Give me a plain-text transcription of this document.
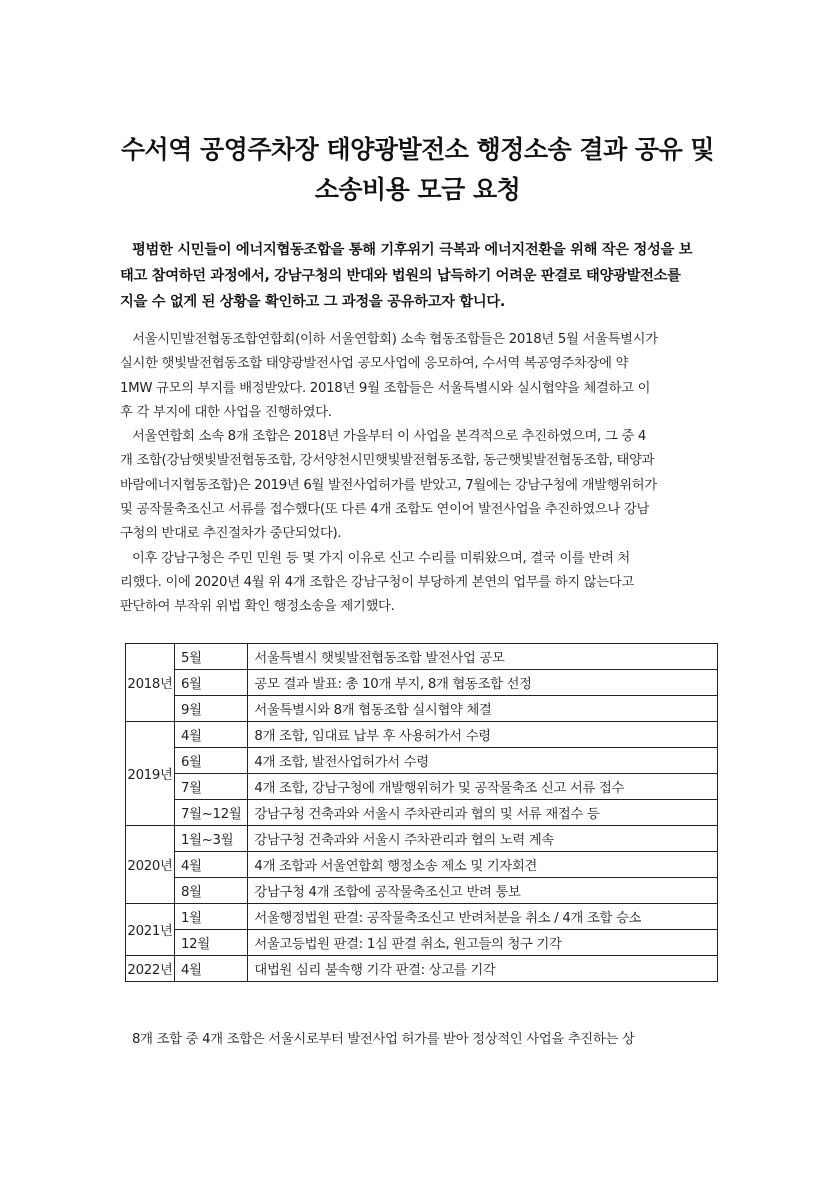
수서역 공영주차장 태양광발전소 행정소송 결과 공유 및
소송비용 모금 요청
평범한 시민들이 에너지협동조합을 통해 기후위기 극복과 에너지전환을 위해 작은 정성을 보
태고 참여하던 과정에서, 강남구청의 반대와 법원의 납득하기 어려운 판결로 태양광발전소를
지을 수 없게 된 상황을 확인하고 그 과정을 공유하고자 합니다.
서울시민발전협동조합연합회(이하 서울연합회) 소속 협동조합들은 2018년 5월 서울특별시가
실시한 햇빛발전협동조합 태양광발전사업 공모사업에 응모하여, 수서역 복공영주차장에 약
1MW 규모의 부지를 배정받았다. 2018년 9월 조합들은 서울특별시와 실시협약을 체결하고 이
후 각 부지에 대한 사업을 진행하였다.
서울연합회 소속 8개 조합은 2018년 가을부터 이 사업을 본격적으로 추진하였으며, 그 중 4
개 조합(강남햇빛발전협동조합, 강서양천시민햇빛발전협동조합, 동근햇빛발전협동조합, 태양과
바람에너지협동조합)은 2019년 6월 발전사업허가를 받았고, 7월에는 강남구청에 개발행위허가
및 공작물축조신고 서류를 접수했다(또 다른 4개 조합도 연이어 발전사업을 추진하였으나 강남
구청의 반대로 추진절차가 중단되었다).
이후 강남구청은 주민 민원 등 몇 가지 이유로 신고 수리를 미뤄왔으며, 결국 이를 반려 처
리했다. 이에 2020년 4월 위 4개 조합은 강남구청이 부당하게 본연의 업무를 하지 않는다고
판단하여 부작위 위법 확인 행정소송을 제기했다.
2018년	5월	서울특별시 햇빛발전협동조합 발전사업 공모
	6월	공모 결과 발표: 총 10개 부지, 8개 협동조합 선정
	9월	서울특별시와 8개 협동조합 실시협약 체결
2019년	4월	8개 조합, 임대료 납부 후 사용허가서 수령
	6월	4개 조합, 발전사업허가서 수령
	7월	4개 조합, 강남구청에 개발행위허가 및 공작물축조 신고 서류 접수
	7월~12월	강남구청 건축과와 서울시 주차관리과 협의 및 서류 재접수 등
2020년	1월~3월	강남구청 건축과와 서울시 주차관리과 협의 노력 계속
	4월	4개 조합과 서울연합회 행정소송 제소 및 기자회견
	8월	강남구청 4개 조합에 공작물축조신고 반려 통보
2021년	1월	서울행정법원 판결: 공작물축조신고 반려처분을 취소 / 4개 조합 승소
	12월	서울고등법원 판결: 1심 판결 취소, 원고들의 청구 기각
2022년	4월	대법원 심리 불속행 기각 판결: 상고를 기각
8개 조합 중 4개 조합은 서울시로부터 발전사업 허가를 받아 정상적인 사업을 추진하는 상
